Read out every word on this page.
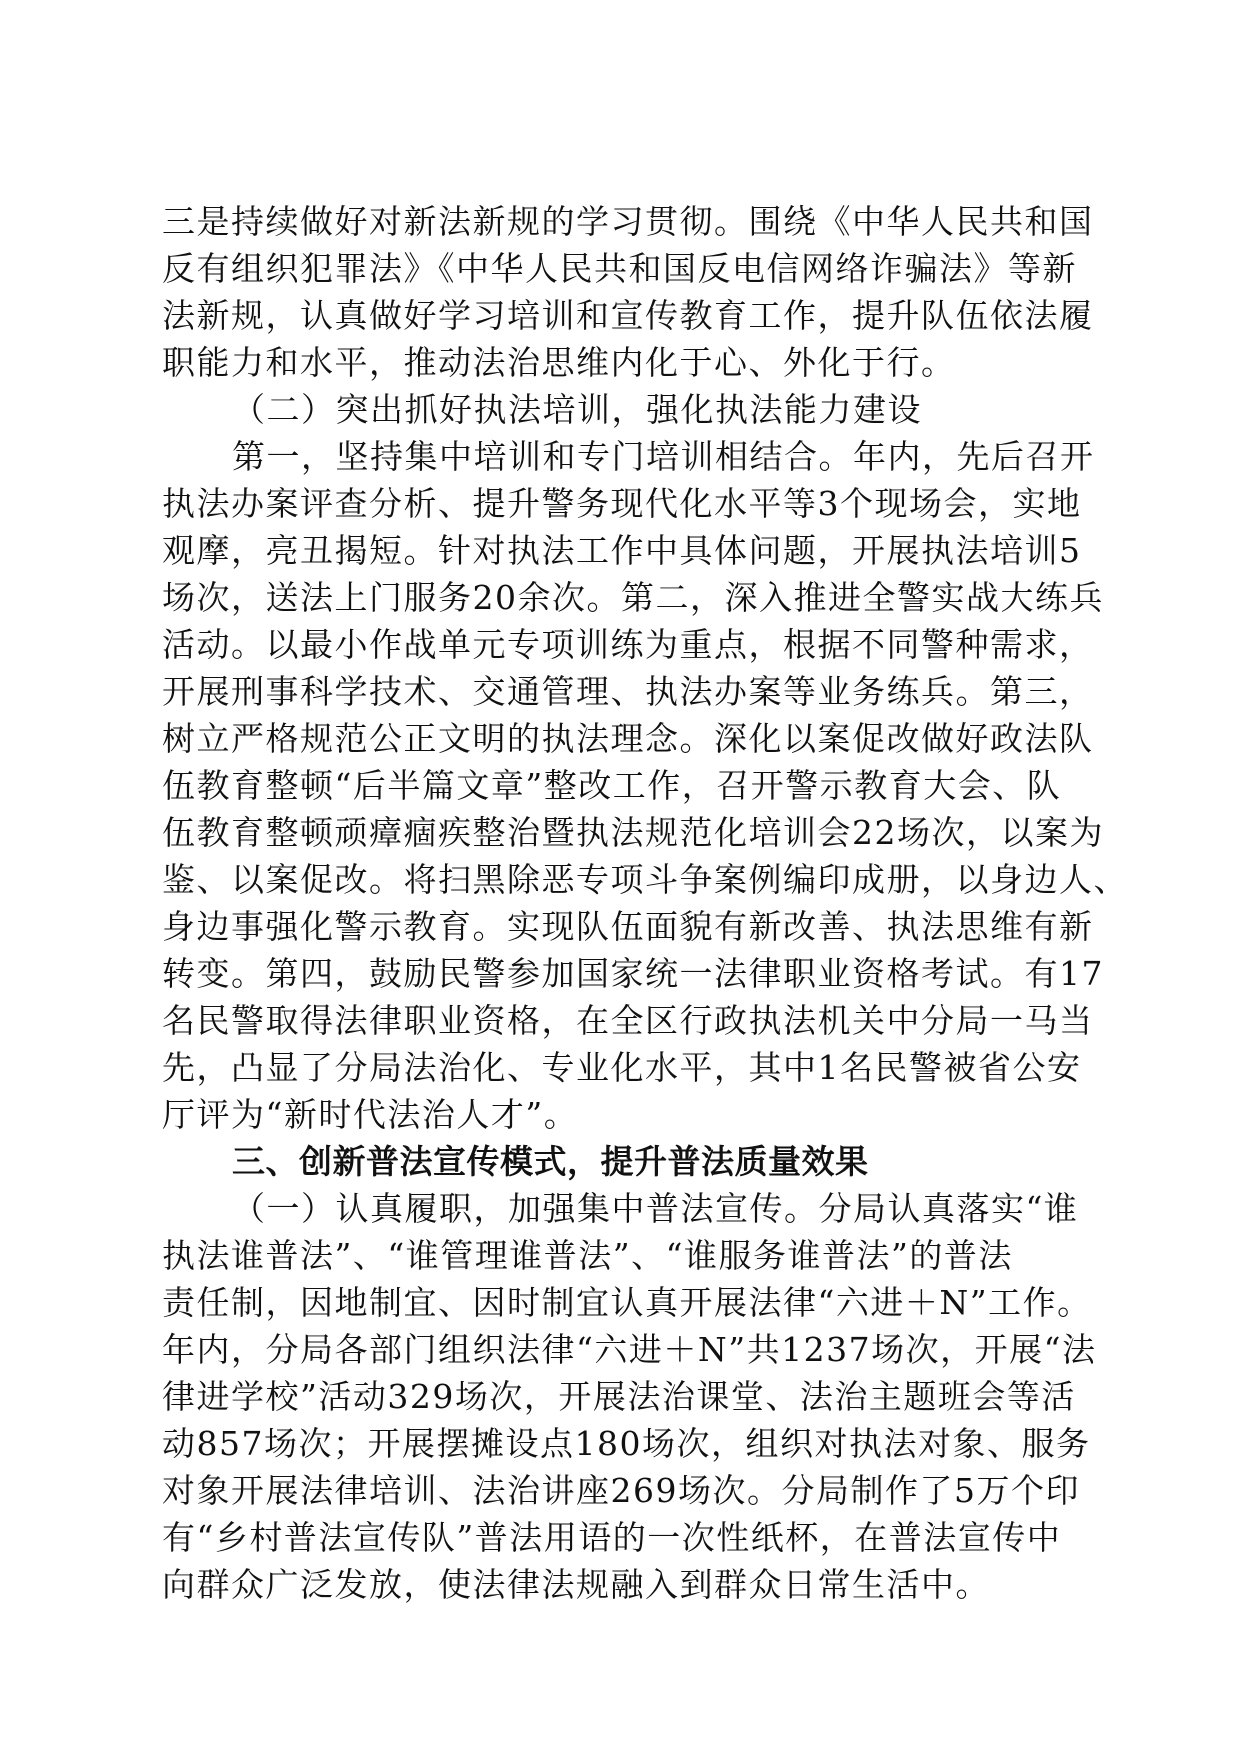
三是持续做好对新法新规的学习贯彻。围绕《中华人民共和国
反有组织犯罪法》《中华人民共和国反电信网络诈骗法》等新
法新规，认真做好学习培训和宣传教育工作，提升队伍依法履
职能力和水平，推动法治思维内化于心、外化于行。
（二）突出抓好执法培训，强化执法能力建设
第一，坚持集中培训和专门培训相结合。年内，先后召开
执法办案评查分析、提升警务现代化水平等3个现场会，实地
观摩，亮丑揭短。针对执法工作中具体问题，开展执法培训5
场次，送法上门服务20余次。第二，深入推进全警实战大练兵
活动。以最小作战单元专项训练为重点，根据不同警种需求，
开展刑事科学技术、交通管理、执法办案等业务练兵。第三，
树立严格规范公正文明的执法理念。深化以案促改做好政法队
伍教育整顿“后半篇文章”整改工作，召开警示教育大会、队
伍教育整顿顽瘴痼疾整治暨执法规范化培训会22场次，以案为
鉴、以案促改。将扫黑除恶专项斗争案例编印成册，以身边人、
身边事强化警示教育。实现队伍面貌有新改善、执法思维有新
转变。第四，鼓励民警参加国家统一法律职业资格考试。有17
名民警取得法律职业资格，在全区行政执法机关中分局一马当
先，凸显了分局法治化、专业化水平，其中1名民警被省公安
厅评为“新时代法治人才”。
三、创新普法宣传模式，提升普法质量效果
（一）认真履职，加强集中普法宣传。分局认真落实“谁
执法谁普法”、“谁管理谁普法”、“谁服务谁普法”的普法
责任制，因地制宜、因时制宜认真开展法律“六进＋N”工作。
年内，分局各部门组织法律“六进＋N”共1237场次，开展“法
律进学校”活动329场次，开展法治课堂、法治主题班会等活
动857场次；开展摆摊设点180场次，组织对执法对象、服务
对象开展法律培训、法治讲座269场次。分局制作了5万个印
有“乡村普法宣传队”普法用语的一次性纸杯，在普法宣传中
向群众广泛发放，使法律法规融入到群众日常生活中。
